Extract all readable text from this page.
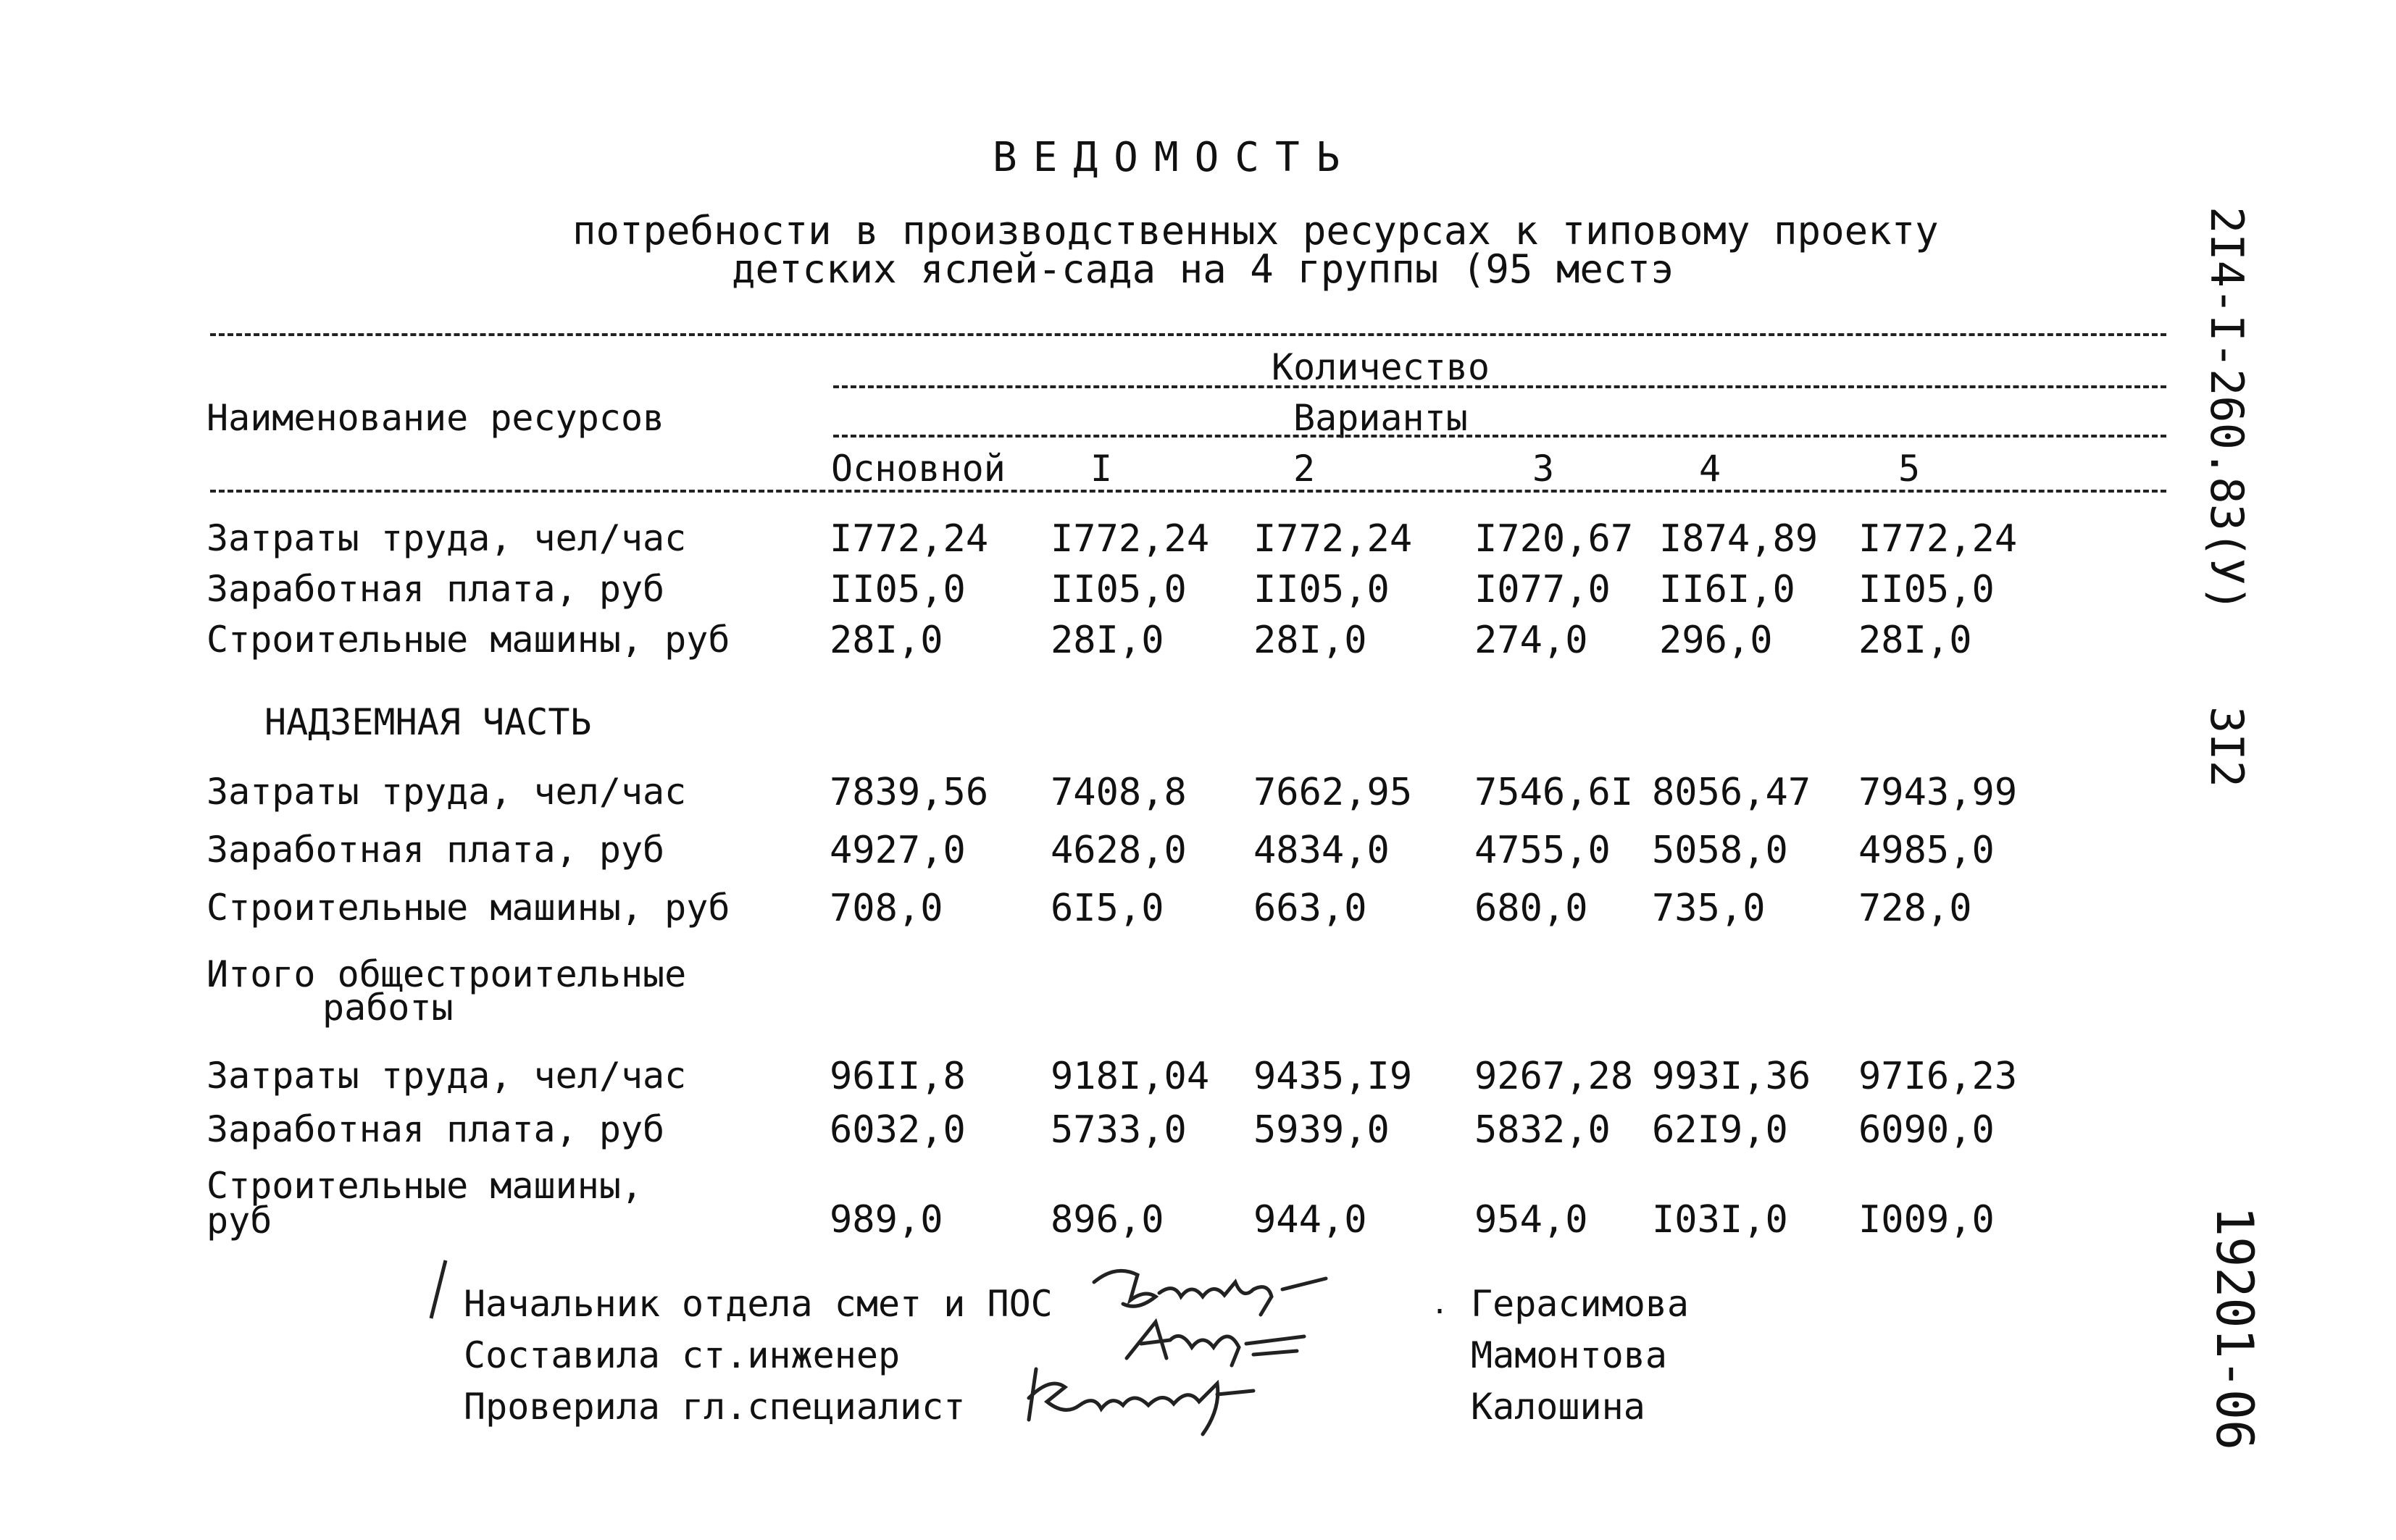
ВЕДОМОСТЬ
потребности в производственных ресурсах к типовому проекту
детских яслей-сада на 4 группы (95 местэ	2I4-I-260.83(У)
3I2
19201-06
Количество
Наименование ресурсов	Варианты
Основной I	2	3	4	5
Затраты труда, чел/час	I772,24 I772,24 I772,24 I720,67 I874,89 I772,24
Заработная плата, руб	II05,0 II05,0 II05,0 I077,0 II6I,0 II05,0
Строительные машины, руб	28I,0	28I,0 28I,0	274,0 296,0 28I,0
НАДЗЕМНАЯ ЧАСТЬ
Затраты труда, чел/час	7839,56 7408,8 7662,95 7546,6I 8056,47 7943,99
Заработная плата, руб	4927,0 4628,0 4834,0 4755,0 5058,0 4985,0
Строительные машины, руб	708,0	6I5,0 663,0	680,0 735,0 728,0
Итого общестроительные
работы
Затраты труда, чел/час	96II,8 918I,04 9435,I9 9267,28 993I,36 97I6,23
Заработная плата, руб	6032,0 5733,0 5939,0 5832,0 62I9,0 6090,0
Строительные машины,
руб	989,0	896,0 944,0	954,0 I03I,0 I009,0
Начальник отдела смет и ПОС	Герасимова
Составила ст.инженер	Мамонтова
Проверила гл.специалист	Калошина
.
